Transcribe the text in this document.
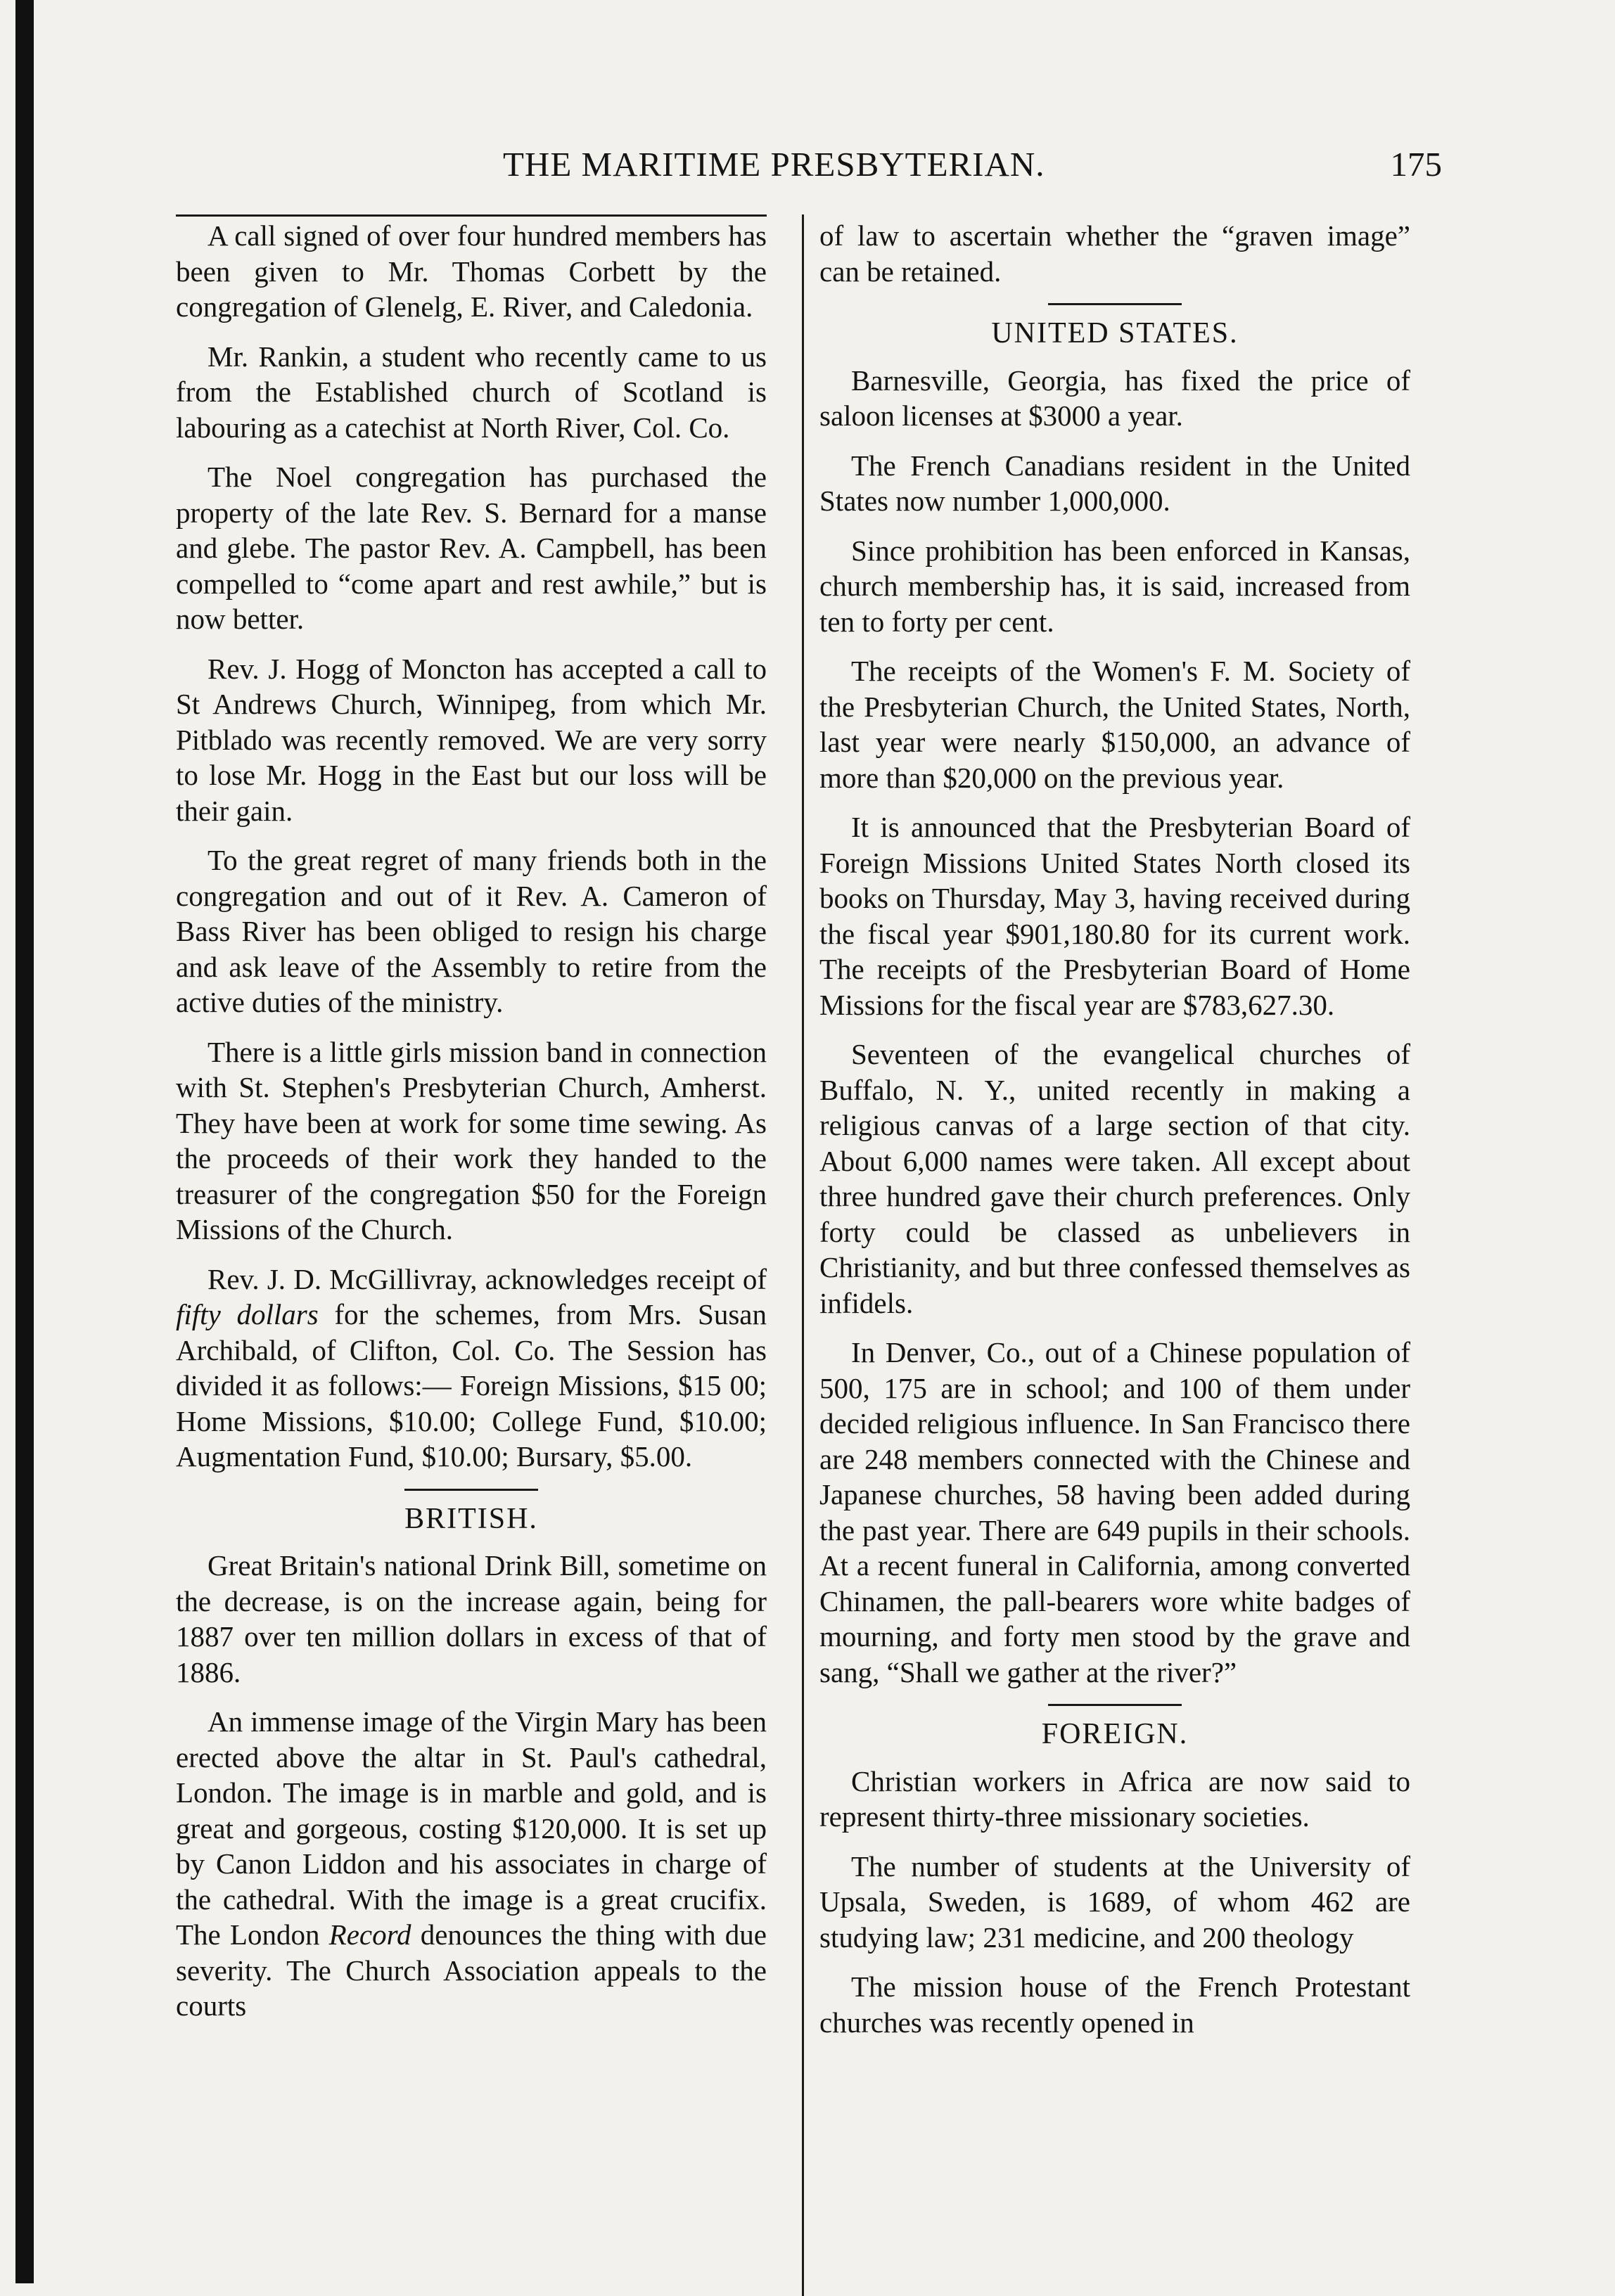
THE MARITIME PRESBYTERIAN.	175

A call signed of over four hundred members has been given to Mr. Thomas Corbett by the congregation of Glenelg, E. River, and Caledonia.

Mr. Rankin, a student who recently came to us from the Established church of Scotland is labouring as a catechist at North River, Col. Co.

The Noel congregation has purchased the property of the late Rev. S. Bernard for a manse and glebe. The pastor Rev. A. Campbell, has been compelled to “come apart and rest awhile,” but is now better.

Rev. J. Hogg of Moncton has accepted a call to St Andrews Church, Winnipeg, from which Mr. Pitblado was recently removed. We are very sorry to lose Mr. Hogg in the East but our loss will be their gain.

To the great regret of many friends both in the congregation and out of it Rev. A. Cameron of Bass River has been obliged to resign his charge and ask leave of the Assembly to retire from the active duties of the ministry.

There is a little girls mission band in connection with St. Stephen's Presbyterian Church, Amherst. They have been at work for some time sewing. As the proceeds of their work they handed to the treasurer of the congregation $50 for the Foreign Missions of the Church.

Rev. J. D. McGillivray, acknowledges receipt of fifty dollars for the schemes, from Mrs. Susan Archibald, of Clifton, Col. Co. The Session has divided it as follows:— Foreign Missions, $15 00; Home Missions, $10.00; College Fund, $10.00; Augmentation Fund, $10.00; Bursary, $5.00.

BRITISH.

Great Britain's national Drink Bill, sometime on the decrease, is on the increase again, being for 1887 over ten million dollars in excess of that of 1886.

An immense image of the Virgin Mary has been erected above the altar in St. Paul's cathedral, London. The image is in marble and gold, and is great and gorgeous, costing $120,000. It is set up by Canon Liddon and his associates in charge of the cathedral. With the image is a great crucifix. The London Record denounces the thing with due severity. The Church Association appeals to the courts

of law to ascertain whether the “graven image” can be retained.

UNITED STATES.

Barnesville, Georgia, has fixed the price of saloon licenses at $3000 a year.

The French Canadians resident in the United States now number 1,000,000.

Since prohibition has been enforced in Kansas, church membership has, it is said, increased from ten to forty per cent.

The receipts of the Women's F. M. Society of the Presbyterian Church, the United States, North, last year were nearly $150,000, an advance of more than $20,000 on the previous year.

It is announced that the Presbyterian Board of Foreign Missions United States North closed its books on Thursday, May 3, having received during the fiscal year $901,180.80 for its current work. The receipts of the Presbyterian Board of Home Missions for the fiscal year are $783,627.30.

Seventeen of the evangelical churches of Buffalo, N. Y., united recently in making a religious canvas of a large section of that city. About 6,000 names were taken. All except about three hundred gave their church preferences. Only forty could be classed as unbelievers in Christianity, and but three confessed themselves as infidels.

In Denver, Co., out of a Chinese population of 500, 175 are in school; and 100 of them under decided religious influence. In San Francisco there are 248 members connected with the Chinese and Japanese churches, 58 having been added during the past year. There are 649 pupils in their schools. At a recent funeral in California, among converted Chinamen, the pall-bearers wore white badges of mourning, and forty men stood by the grave and sang, “Shall we gather at the river?”

FOREIGN.

Christian workers in Africa are now said to represent thirty-three missionary societies.

The number of students at the University of Upsala, Sweden, is 1689, of whom 462 are studying law; 231 medicine, and 200 theology

The mission house of the French Protestant churches was recently opened in
